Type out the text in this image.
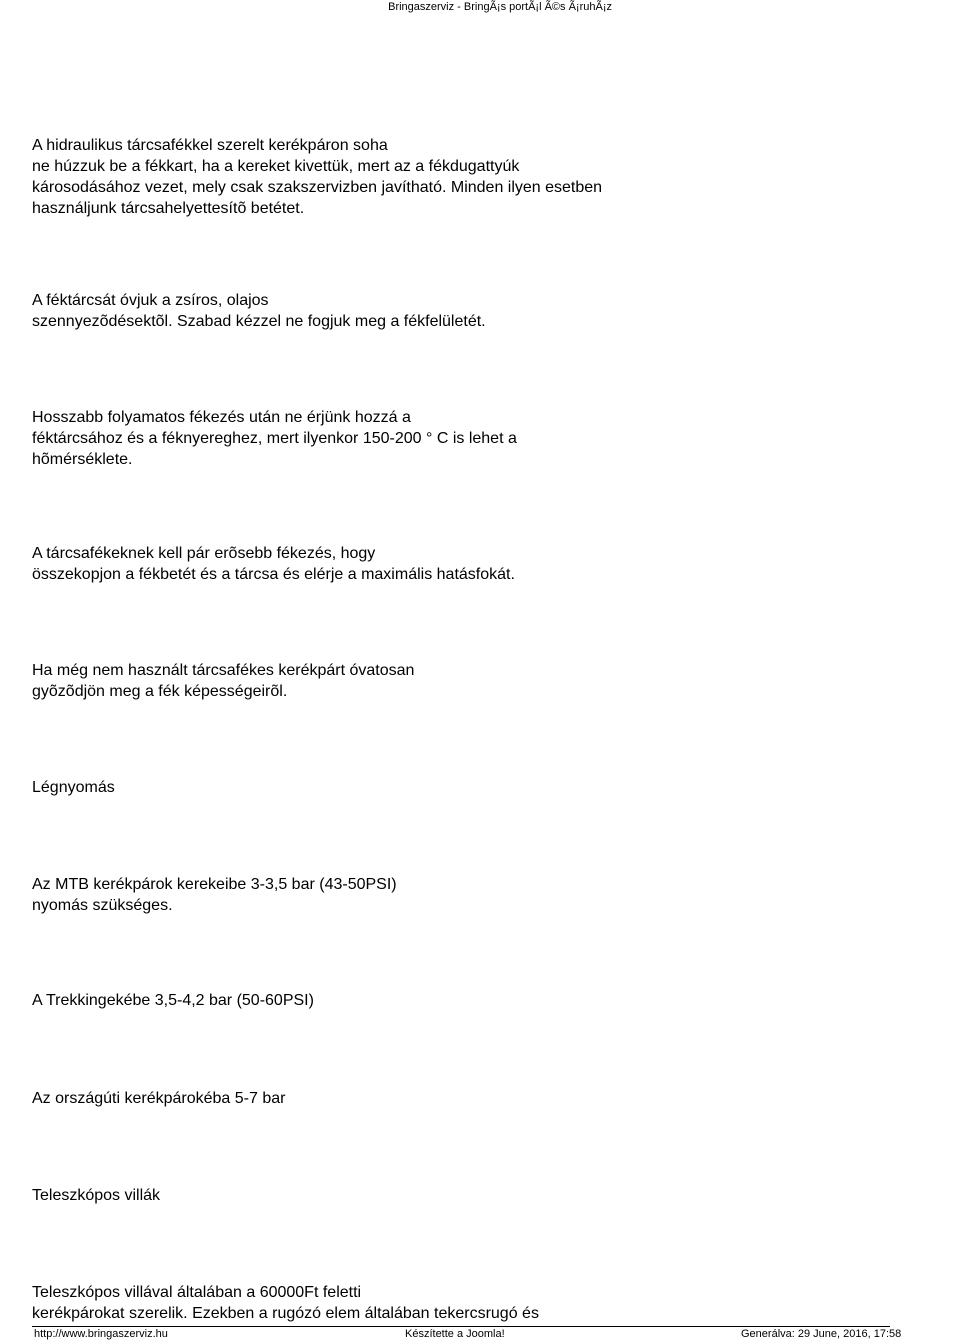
Bringaszerviz - BringÃ¡s portÃ¡l Ã©s Ã¡ruhÃ¡z

A hidraulikus tárcsafékkel szerelt kerékpáron soha
ne húzzuk be a fékkart, ha a kereket kivettük, mert az a fékdugattyúk
károsodásához vezet, mely csak szakszervizben javítható. Minden ilyen esetben
használjunk tárcsahelyettesítõ betétet.

A féktárcsát óvjuk a zsíros, olajos
szennyezõdésektõl. Szabad kézzel ne fogjuk meg a fékfelületét.

Hosszabb folyamatos fékezés után ne érjünk hozzá a
féktárcsához és a féknyereghez, mert ilyenkor 150-200 ° C is lehet a
hõmérséklete.

A tárcsafékeknek kell pár erõsebb fékezés, hogy
összekopjon a fékbetét és a tárcsa és elérje a maximális hatásfokát.

Ha még nem használt tárcsafékes kerékpárt óvatosan
gyõzõdjön meg a fék képességeirõl.

Légnyomás

Az MTB kerékpárok kerekeibe 3-3,5 bar (43-50PSI)
nyomás szükséges.

A Trekkingekébe 3,5-4,2 bar (50-60PSI)

Az országúti kerékpárokéba 5-7 bar

Teleszkópos villák

Teleszkópos villával általában a 60000Ft feletti
kerékpárokat szerelik. Ezekben a rugózó elem általában tekercsrugó és

http://www.bringaszerviz.hu	Készítette a Joomla!	Generálva: 29 June, 2016, 17:58
